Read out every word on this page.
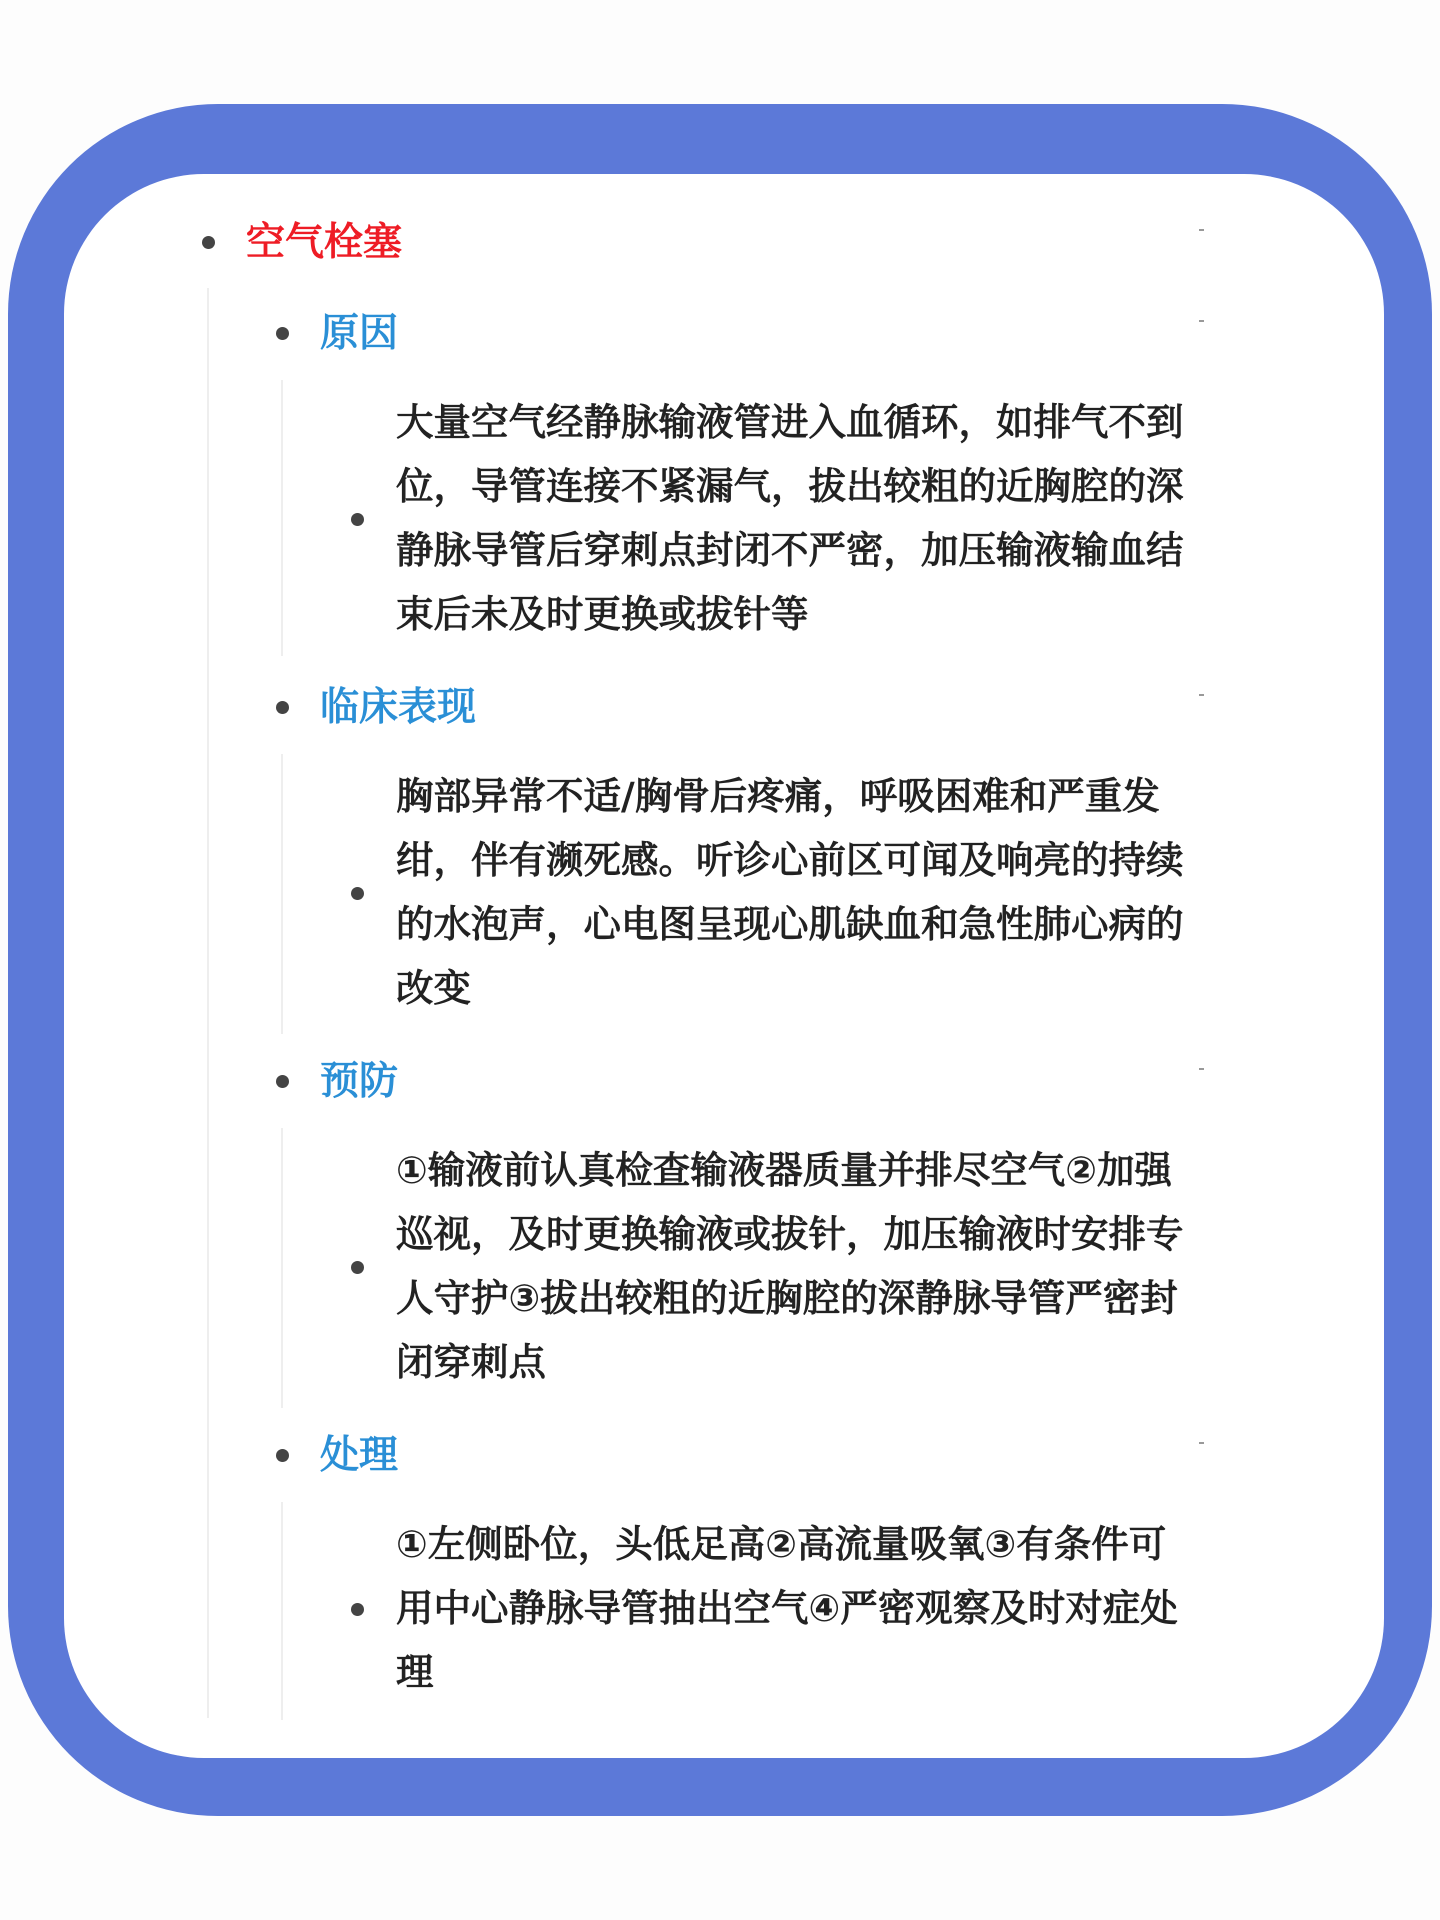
空气栓塞
原因
大量空气经静脉输液管进入血循环，如排气不到位，导管连接不紧漏气，拔出较粗的近胸腔的深静脉导管后穿刺点封闭不严密，加压输液输血结束后未及时更换或拔针等
临床表现
胸部异常不适/胸骨后疼痛，呼吸困难和严重发绀，伴有濒死感。听诊心前区可闻及响亮的持续的水泡声，心电图呈现心肌缺血和急性肺心病的改变
预防
①输液前认真检查输液器质量并排尽空气②加强巡视，及时更换输液或拔针，加压输液时安排专人守护③拔出较粗的近胸腔的深静脉导管严密封闭穿刺点
处理
①左侧卧位，头低足高②高流量吸氧③有条件可用中心静脉导管抽出空气④严密观察及时对症处理
